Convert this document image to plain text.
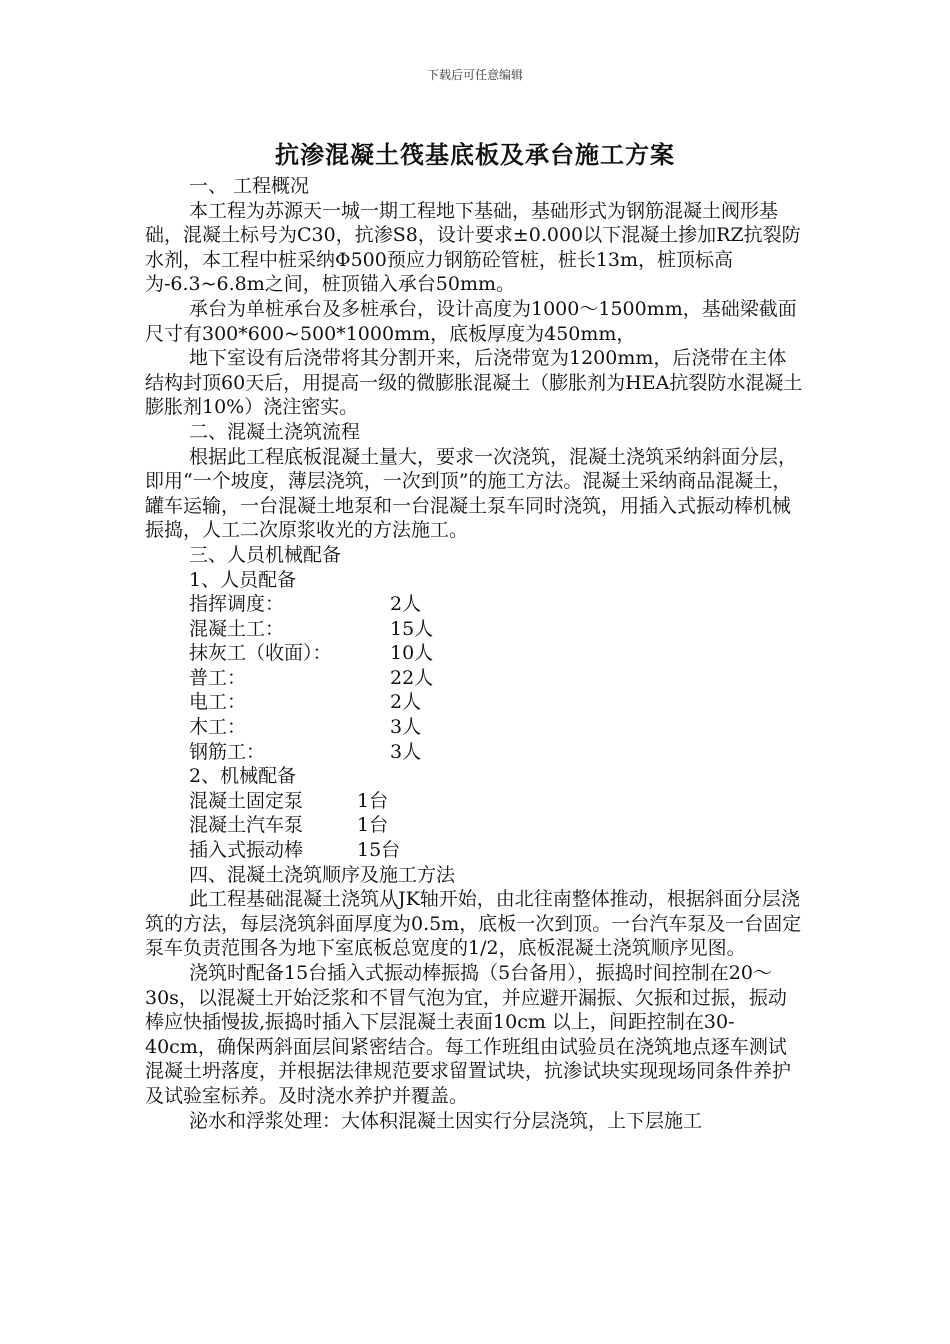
下载后可任意编辑
抗渗混凝土筏基底板及承台施工方案

一、 工程概况

本工程为苏源天一城一期工程地下基础，基础形式为钢筋混凝土阀形基础，混凝土标号为C30，抗渗S8，设计要求±0.000以下混凝土掺加RZ抗裂防水剂，本工程中桩采纳Φ500预应力钢筋砼管桩，桩长13m，桩顶标高为-6.3~6.8m之间，桩顶锚入承台50mm。

承台为单桩承台及多桩承台，设计高度为1000～1500mm，基础梁截面尺寸有300*600~500*1000mm，底板厚度为450mm，

地下室设有后浇带将其分割开来，后浇带宽为1200mm，后浇带在主体结构封顶60天后，用提高一级的微膨胀混凝土（膨胀剂为HEA抗裂防水混凝土膨胀剂10%）浇注密实。

二、混凝土浇筑流程

根据此工程底板混凝土量大，要求一次浇筑，混凝土浇筑采纳斜面分层，即用“一个坡度，薄层浇筑，一次到顶”的施工方法。混凝土采纳商品混凝土，罐车运输，一台混凝土地泵和一台混凝土泵车同时浇筑，用插入式振动棒机械振捣，人工二次原浆收光的方法施工。

三、人员机械配备

1、人员配备

指挥调度：	2人
混凝土工：	15人
抹灰工（收面）：	10人
普工：	22人
电工：	2人
木工：	3人
钢筋工：	3人

2、机械配备

混凝土固定泵	1台
混凝土汽车泵	1台
插入式振动棒	15台

四、混凝土浇筑顺序及施工方法

此工程基础混凝土浇筑从JK轴开始，由北往南整体推动，根据斜面分层浇筑的方法，每层浇筑斜面厚度为0.5m，底板一次到顶。一台汽车泵及一台固定泵车负责范围各为地下室底板总宽度的1/2，底板混凝土浇筑顺序见图。

浇筑时配备15台插入式振动棒振捣（5台备用），振捣时间控制在20～30s，以混凝土开始泛浆和不冒气泡为宜，并应避开漏振、欠振和过振，振动棒应快插慢拔,振捣时插入下层混凝土表面10cm 以上，间距控制在30-40cm，确保两斜面层间紧密结合。每工作班组由试验员在浇筑地点逐车测试混凝土坍落度，并根据法律规范要求留置试块，抗渗试块实现现场同条件养护及试验室标养。及时浇水养护并覆盖。

泌水和浮浆处理：大体积混凝土因实行分层浇筑，上下层施工
